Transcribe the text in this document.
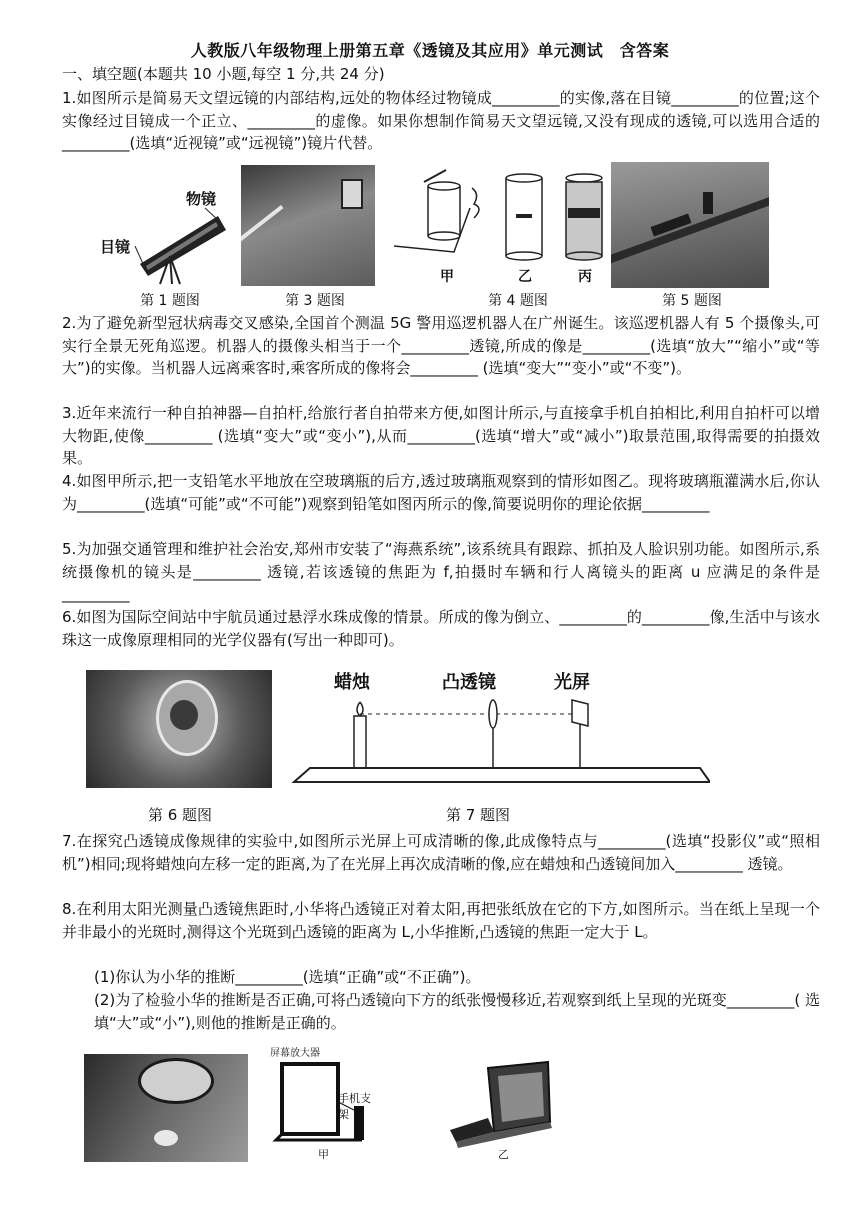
人教版八年级物理上册第五章《透镜及其应用》单元测试　含答案
一、填空题(本题共 10 小题,每空 1 分,共 24 分)
1.如图所示是简易天文望远镜的内部结构,远处的物体经过物镜成_________的实像,落在目镜_________的位置;这个实像经过目镜成一个正立、_________的虚像。如果你想制作简易天文望远镜,又没有现成的透镜,可以选用合适的_________(选填“近视镜”或“远视镜”)镜片代替。
物镜
目镜
第 1 题图	第 3 题图
甲	乙	丙
第 4 题图	第 5 题图
2.为了避免新型冠状病毒交叉感染,全国首个测温 5G 警用巡逻机器人在广州诞生。该巡逻机器人有 5 个摄像头,可实行全景无死角巡逻。机器人的摄像头相当于一个_________透镜,所成的像是_________(选填“放大”“缩小”或“等大”)的实像。当机器人远离乘客时,乘客所成的像将会_________ (选填“变大”“变小”或“不变”)。
3.近年来流行一种自拍神器—自拍杆,给旅行者自拍带来方便,如图计所示,与直接拿手机自拍相比,利用自拍杆可以增大物距,使像_________ (选填“变大”或“变小”),从而_________(选填“增大”或“减小”)取景范围,取得需要的拍摄效果。
4.如图甲所示,把一支铅笔水平地放在空玻璃瓶的后方,透过玻璃瓶观察到的情形如图乙。现将玻璃瓶灌满水后,你认为_________(选填“可能”或“不可能”)观察到铅笔如图丙所示的像,简要说明你的理论依据_________
5.为加强交通管理和维护社会治安,郑州市安装了“海燕系统”,该系统具有跟踪、抓拍及人脸识别功能。如图所示,系统摄像机的镜头是_________ 透镜,若该透镜的焦距为 f,拍摄时车辆和行人离镜头的距离 u 应满足的条件是_________
6.如图为国际空间站中宇航员通过悬浮水珠成像的情景。所成的像为倒立、_________的_________像,生活中与该水珠这一成像原理相同的光学仪器有(写出一种即可)。
第 6 题图
蜡烛	凸透镜	光屏
第 7 题图
7.在探究凸透镜成像规律的实验中,如图所示光屏上可成清晰的像,此成像特点与_________(选填“投影仪”或“照相机”)相同;现将蜡烛向左移一定的距离,为了在光屏上再次成清晰的像,应在蜡烛和凸透镜间加入_________ 透镜。
8.在利用太阳光测量凸透镜焦距时,小华将凸透镜正对着太阳,再把张纸放在它的下方,如图所示。当在纸上呈现一个并非最小的光斑时,测得这个光斑到凸透镜的距离为 L,小华推断,凸透镜的焦距一定大于 L。
(1)你认为小华的推断_________(选填“正确”或“不正确”)。
(2)为了检验小华的推断是否正确,可将凸透镜向下方的纸张慢慢移近,若观察到纸上呈现的光斑变_________( 选填“大”或“小”),则他的推断是正确的。
屏幕放大器
手机支架
甲	乙
